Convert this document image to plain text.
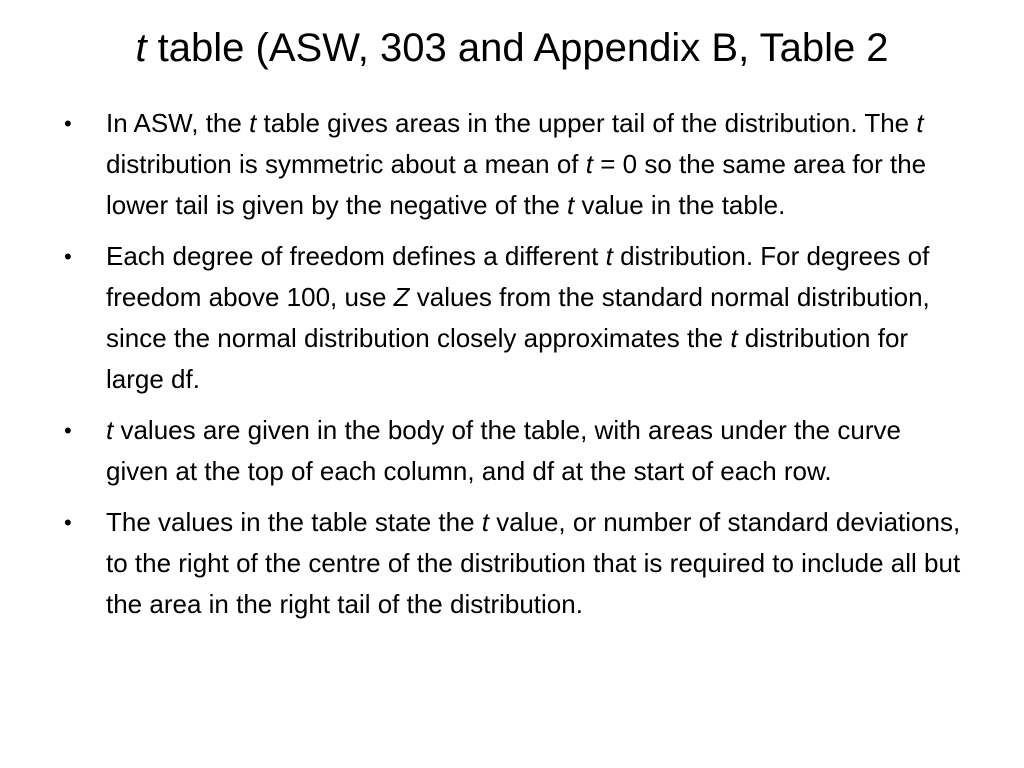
t table (ASW, 303 and Appendix B, Table 2
• In ASW, the t table gives areas in the upper tail of the distribution. The t distribution is symmetric about a mean of t = 0 so the same area for the lower tail is given by the negative of the t value in the table.
• Each degree of freedom defines a different t distribution. For degrees of freedom above 100, use Z values from the standard normal distribution, since the normal distribution closely approximates the t distribution for large df.
• t values are given in the body of the table, with areas under the curve given at the top of each column, and df at the start of each row.
• The values in the table state the t value, or number of standard deviations, to the right of the centre of the distribution that is required to include all but the area in the right tail of the distribution.
